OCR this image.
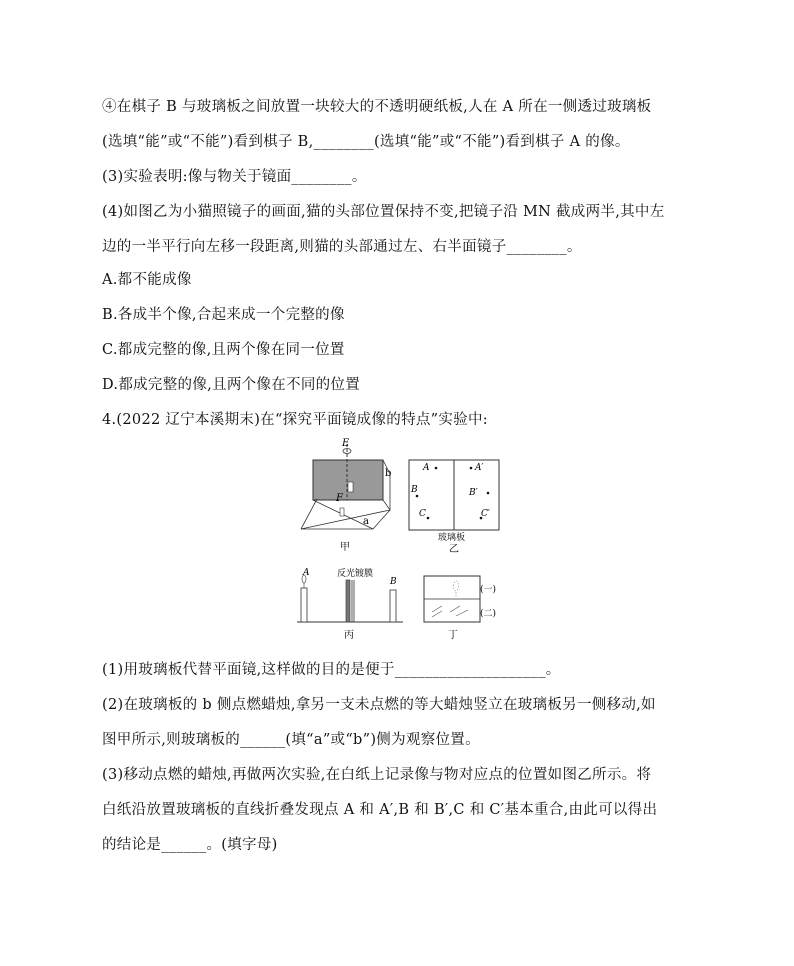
④在棋子 B 与玻璃板之间放置一块较大的不透明硬纸板,人在 A 所在一侧透过玻璃板
(选填“能”或“不能”)看到棋子 B,________(选填“能”或“不能”)看到棋子 A 的像。
(3)实验表明:像与物关于镜面________。
(4)如图乙为小猫照镜子的画面,猫的头部位置保持不变,把镜子沿 MN 截成两半,其中左
边的一半平行向左移一段距离,则猫的头部通过左、右半面镜子________。
A.都不能成像
B.各成半个像,合起来成一个完整的像
C.都成完整的像,且两个像在同一位置
D.都成完整的像,且两个像在不同的位置
4.(2022 辽宁本溪期末)在“探究平面镜成像的特点”实验中:
E
b
F
a
甲
A	A′
B	B′
C	C′
玻璃板
乙
A	反光镀膜
B
丙
(一)
(二)
丁
(1)用玻璃板代替平面镜,这样做的目的是便于____________________。
(2)在玻璃板的 b 侧点燃蜡烛,拿另一支未点燃的等大蜡烛竖立在玻璃板另一侧移动,如
图甲所示,则玻璃板的______(填“a”或“b”)侧为观察位置。
(3)移动点燃的蜡烛,再做两次实验,在白纸上记录像与物对应点的位置如图乙所示。将
白纸沿放置玻璃板的直线折叠发现点 A 和 A′,B 和 B′,C 和 C′基本重合,由此可以得出
的结论是______。(填字母)
